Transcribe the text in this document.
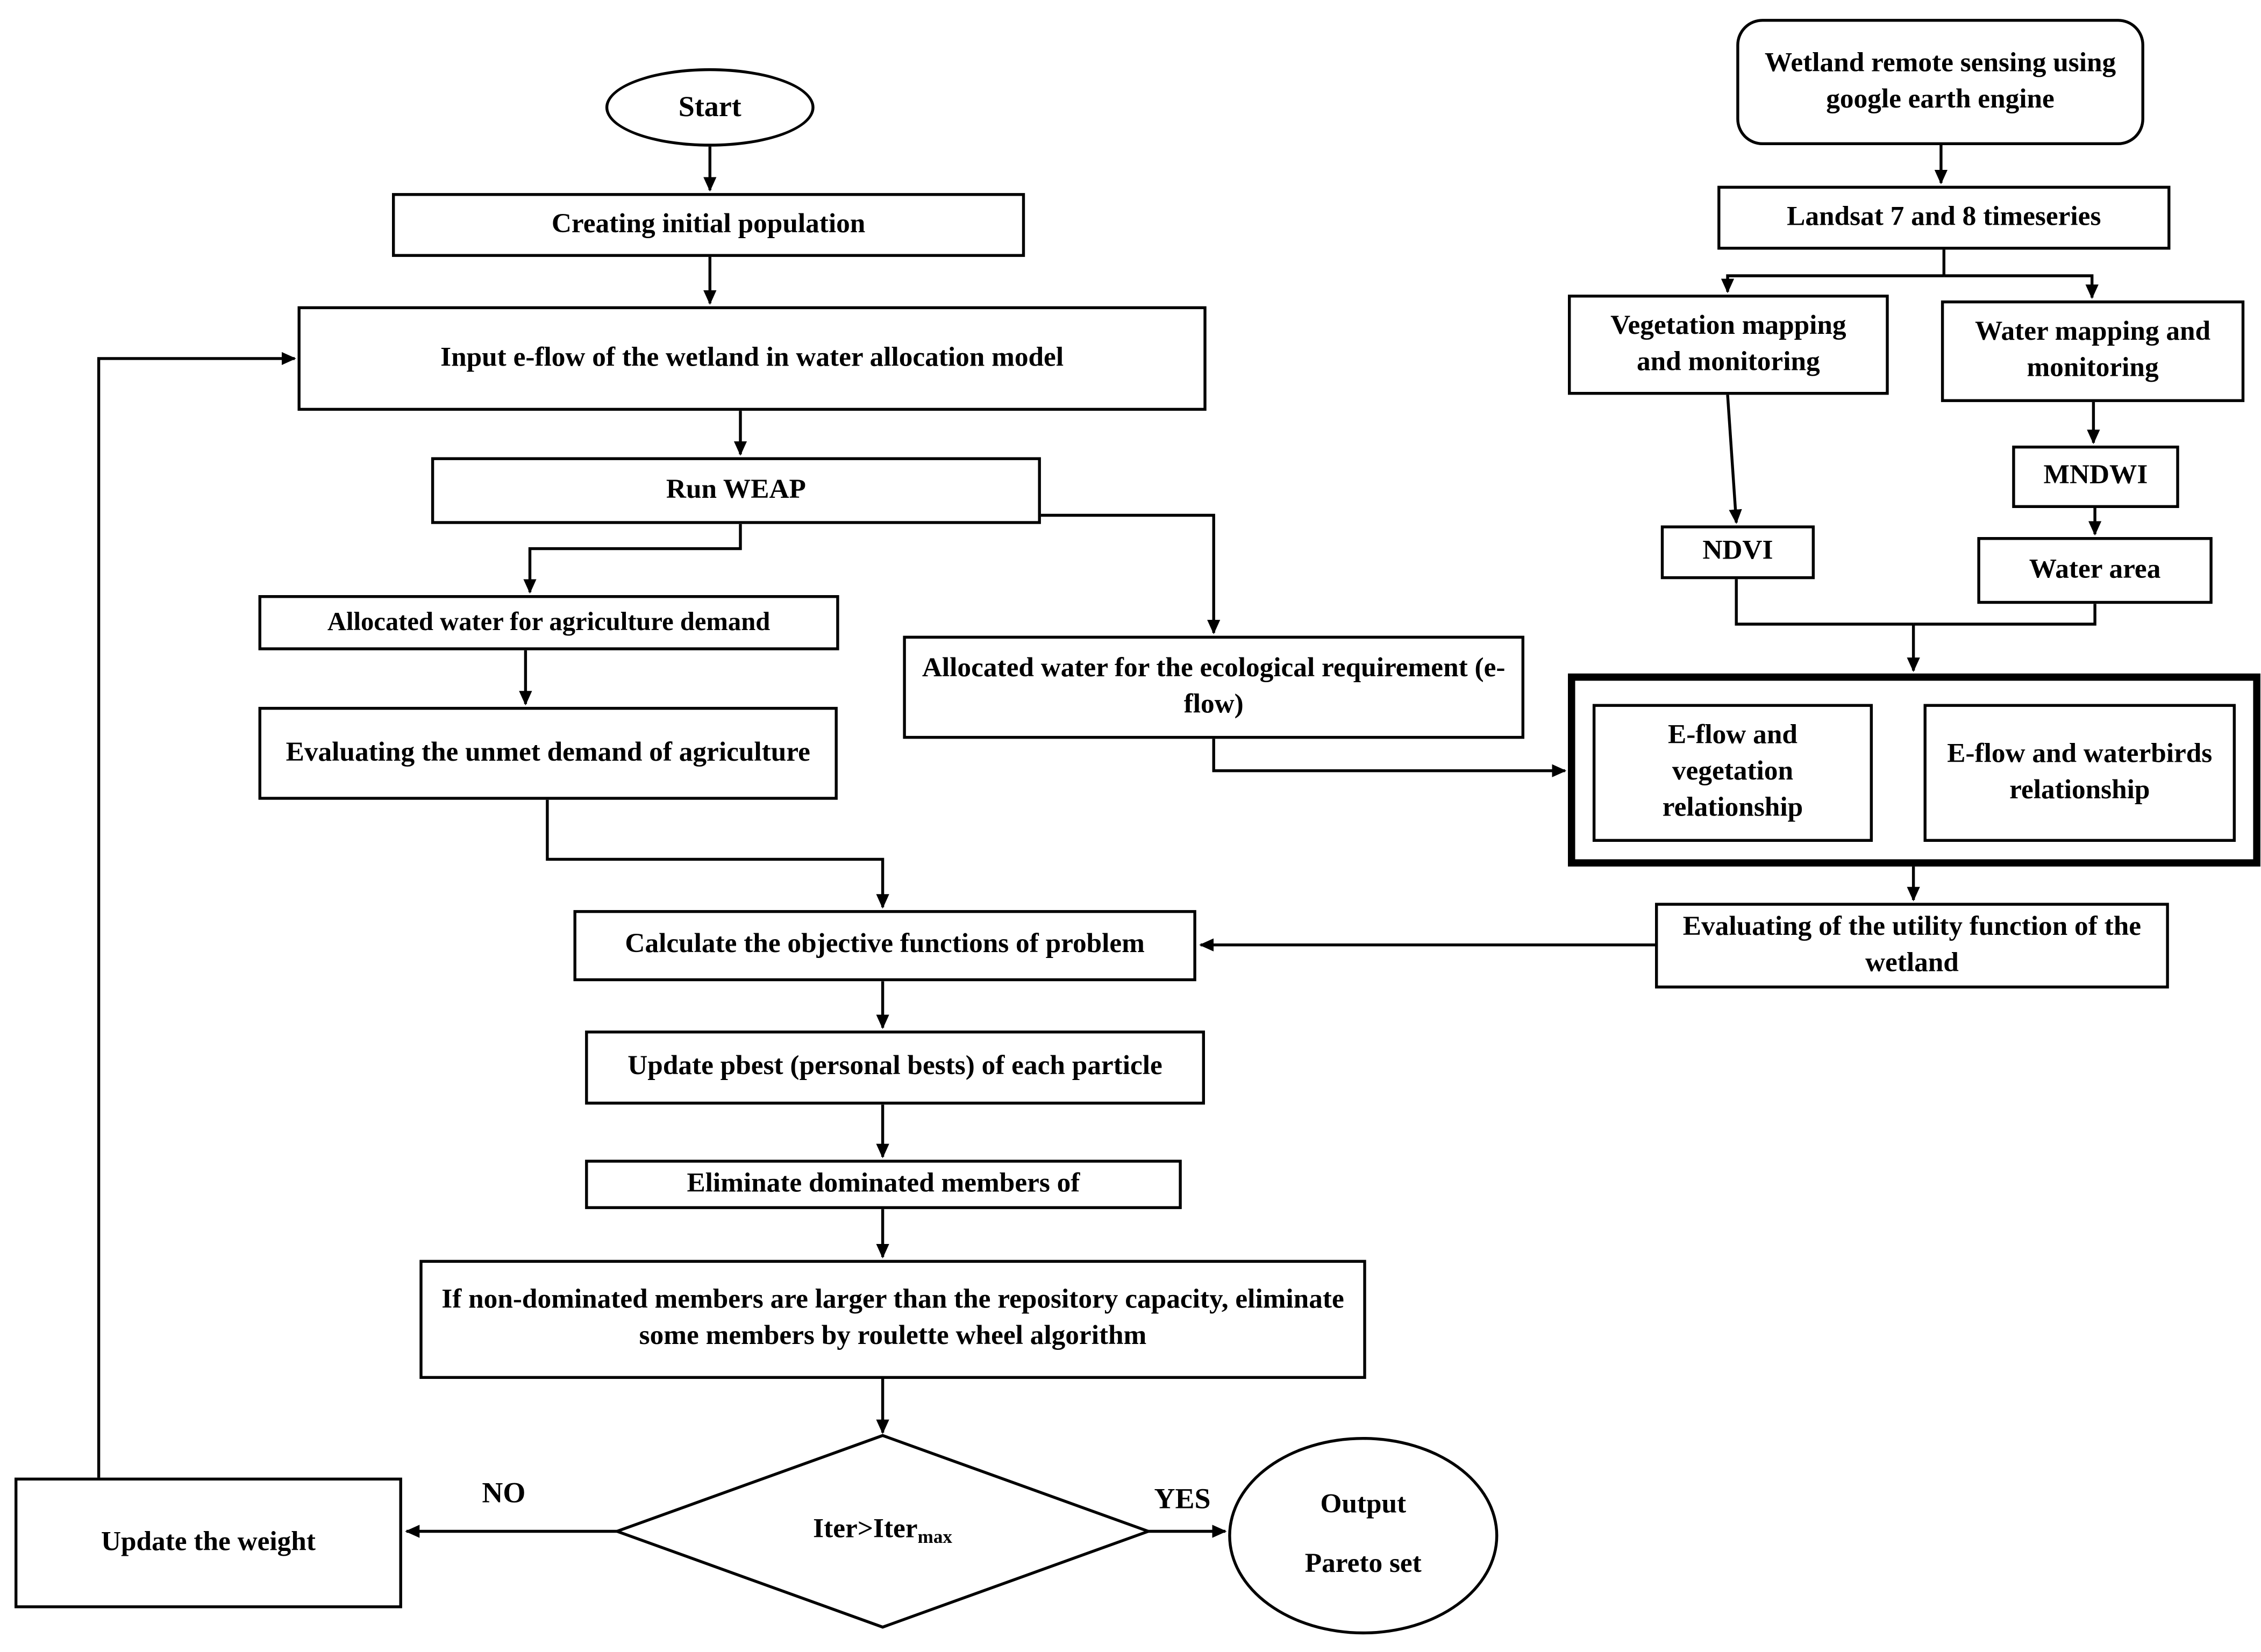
Start
Creating initial population
Input e-flow of the wetland in water allocation model
Run WEAP
Allocated water for agriculture demand
Evaluating the unmet demand of agriculture
Allocated water for the ecological requirement (e-flow)
Calculate the objective functions of problem
Update pbest (personal bests) of each particle
Eliminate dominated members of
If non-dominated members are larger than the repository capacity, eliminate some members by roulette wheel algorithm
Iter>Iter$_{max}$
Update the weight
Output
Pareto set
Wetland remote sensing using google earth engine
Landsat 7 and 8 timeseries
Vegetation mapping and monitoring
Water mapping and monitoring
MNDWI
NDVI
Water area
E-flow and vegetation relationship
E-flow and waterbirds relationship
Evaluating of the utility function of the wetland
NO	YES
